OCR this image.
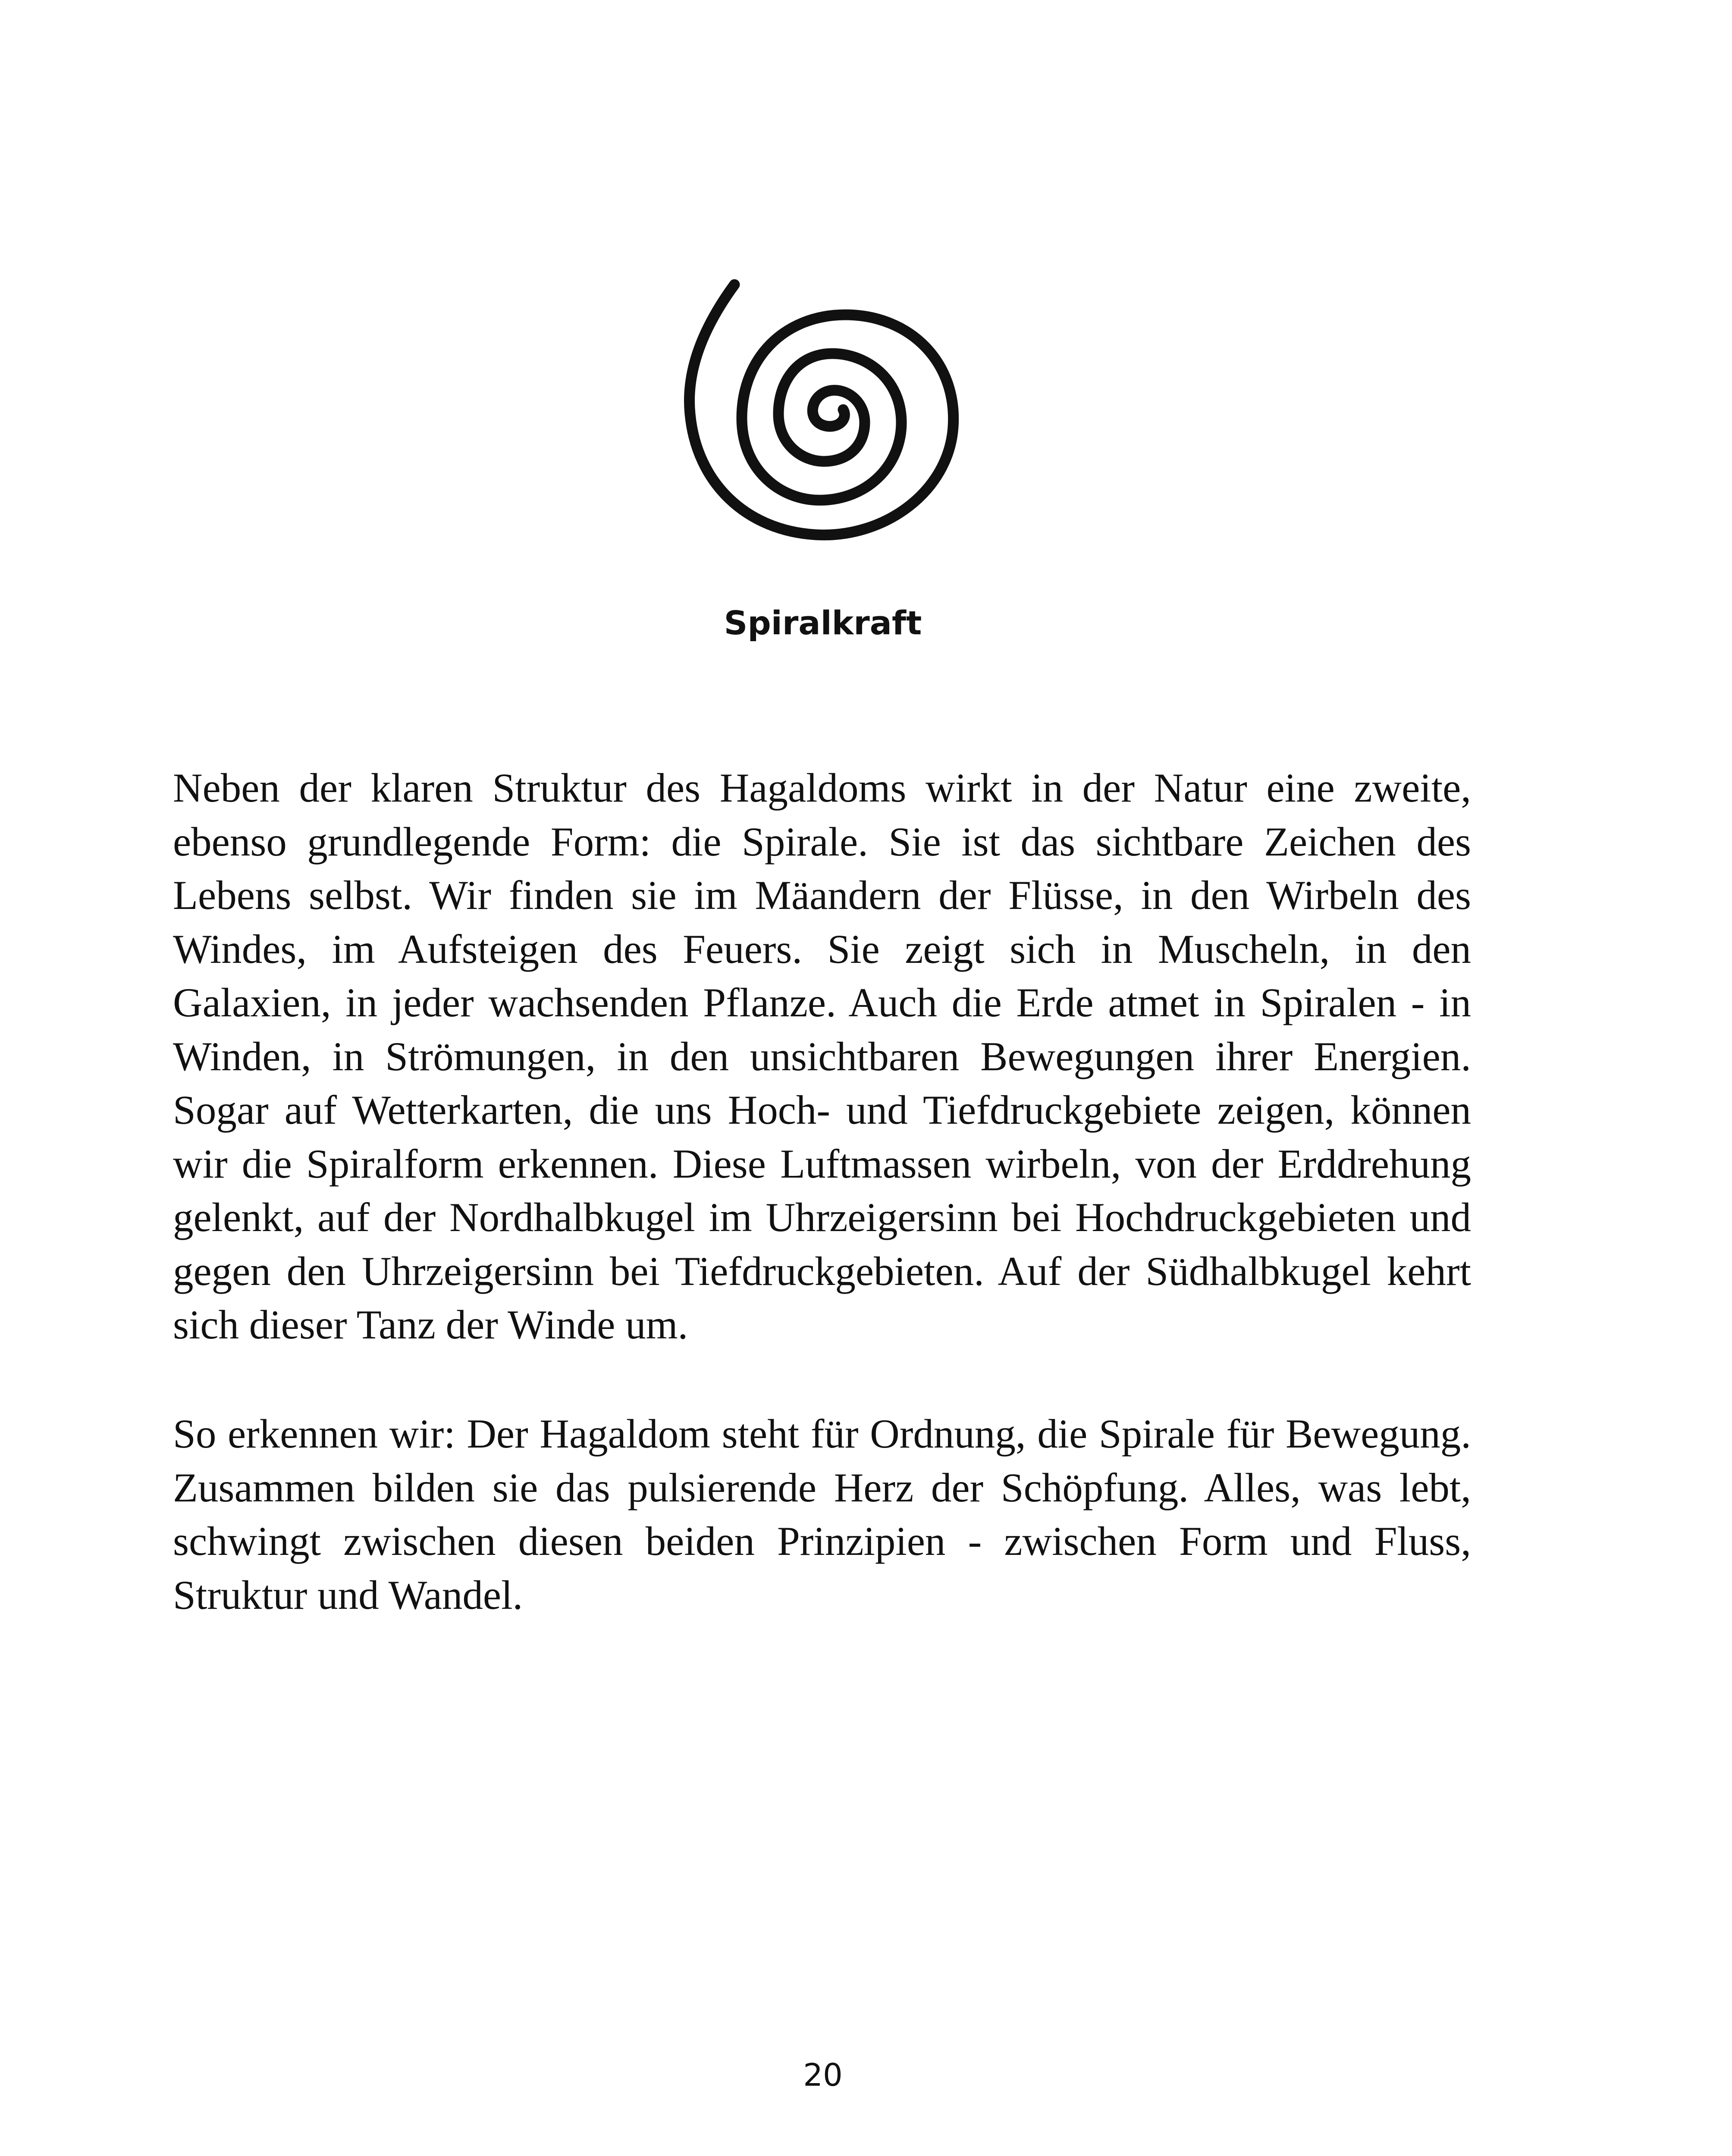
Spiralkraft

Neben der klaren Struktur des Hagaldoms wirkt in der Natur eine zweite, ebenso grundlegende Form: die Spirale. Sie ist das sichtbare Zeichen des Lebens selbst. Wir finden sie im Mäandern der Flüsse, in den Wirbeln des Windes, im Aufsteigen des Feuers. Sie zeigt sich in Muscheln, in den Galaxien, in jeder wachsenden Pflanze. Auch die Erde atmet in Spiralen - in Winden, in Strömungen, in den unsichtbaren Bewegungen ihrer Energien. Sogar auf Wetterkarten, die uns Hoch- und Tiefdruckgebiete zeigen, können wir die Spiralform erkennen. Diese Luftmassen wirbeln, von der Erddrehung gelenkt, auf der Nordhalbkugel im Uhrzeigersinn bei Hochdruckgebieten und gegen den Uhrzeigersinn bei Tiefdruckgebieten. Auf der Südhalbkugel kehrt sich dieser Tanz der Winde um.

So erkennen wir: Der Hagaldom steht für Ordnung, die Spirale für Bewegung. Zusammen bilden sie das pulsierende Herz der Schöpfung. Alles, was lebt, schwingt zwischen diesen beiden Prinzipien - zwischen Form und Fluss, Struktur und Wandel.

20
